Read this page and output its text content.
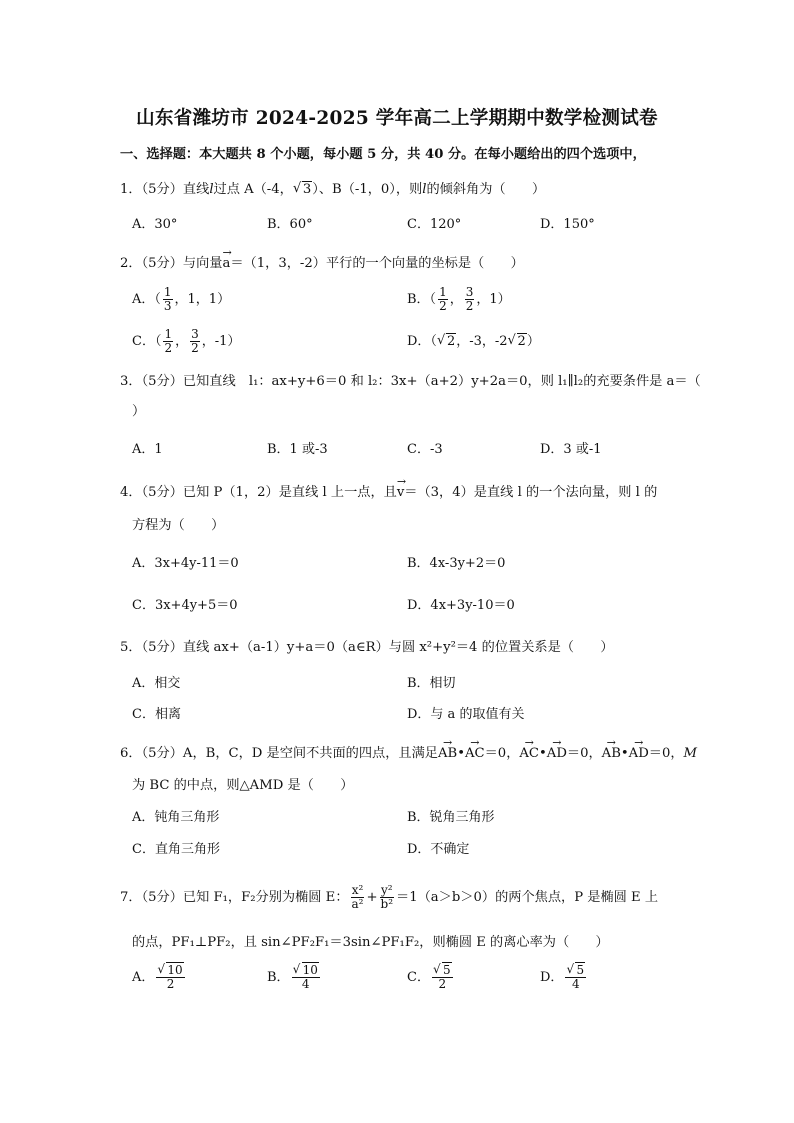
山东省潍坊市 2024-2025 学年高二上学期期中数学检测试卷
一、选择题：本大题共 8 个小题，每小题 5 分，共 40 分。在每小题给出的四个选项中，
1．（5分）直线l过点 A（-4， √ 3）、B（-1，0），则l的倾斜角为（　　）
A．30°	B．60°	C．120°	D．150°
2．（5分）与向量a →＝（1，3，-2）平行的一个向量的坐标是（　　）
A．（ $\frac{1}{3}$ ，1，1）	B．（ $\frac{1}{2}$ ， $\frac{3}{2}$ ，1）
C．（ $\frac{1}{2}$ ， $\frac{3}{2}$ ，-1）	D．（ √ 2，-3，-2 √ 2）
3．（5分）已知直线　l₁：ax+y+6＝0 和 l₂：3x+（a+2）y+2a＝0，则 l₁∥l₂的充要条件是 a＝（
）
A．1	B．1 或-3	C．-3	D．3 或-1
4．（5分）已知 P（1，2）是直线 l 上一点，且v →＝（3，4）是直线 l 的一个法向量，则 l 的
方程为（　　）
A．3x+4y-11＝0	B．4x-3y+2＝0
C．3x+4y+5＝0	D．4x+3y-10＝0
5．（5分）直线 ax+（a-1）y+a＝0（a∈R）与圆 x²+y²＝4 的位置关系是（　　）
A．相交	B．相切
C．相离	D．与 a 的取值有关
6．（5分）A，B，C，D 是空间不共面的四点，且满足AB →•AC →＝0，AC →•AD →＝0，AB →•AD →＝0，M
为 BC 的中点，则△AMD 是（　　）
A．钝角三角形	B．锐角三角形
C．直角三角形	D．不确定
7．（5分）已知 F₁，F₂分别为椭圆 E： $\frac{\text{x²}}{\text{a²}} + \frac{\text{y²}}{\text{b²}} =1(a>b>0)$的两个焦点，P 是椭圆 E 上
的点，PF₁⊥PF₂，且 sin∠PF₂F₁＝3sin∠PF₁F₂，则椭圆 E 的离心率为（　　）
A． √ $\frac{10}{2}$	B． √ $\frac{10}{4}$	C． √ $\frac{5}{2}$	D． √ $\frac{5}{4}$
